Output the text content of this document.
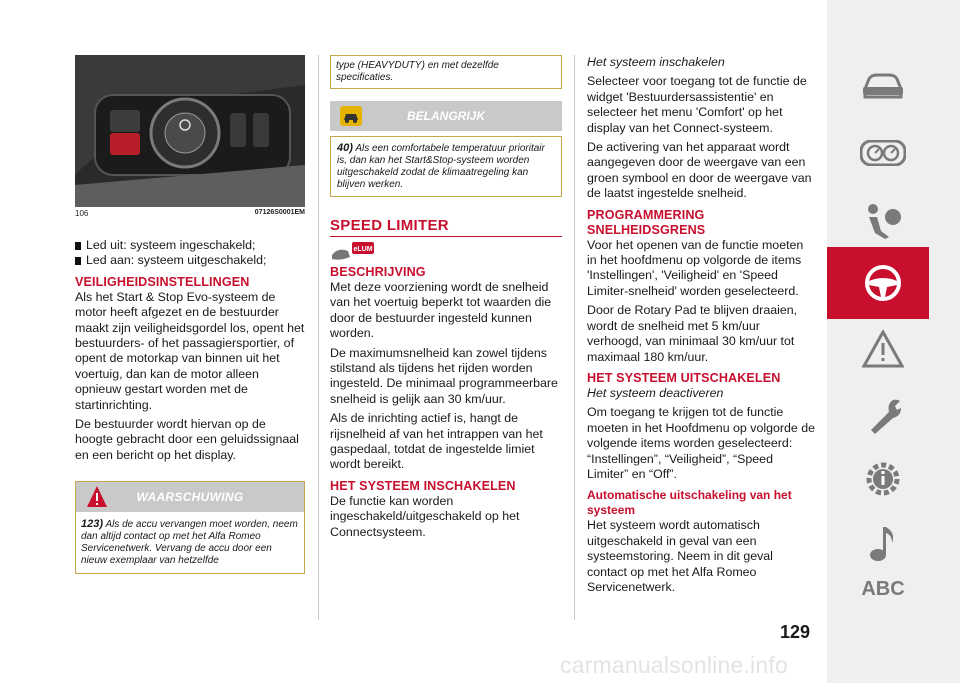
106	07126S0001EM
Led uit: systeem ingeschakeld;
Led aan: systeem uitgeschakeld;
VEILIGHEIDSINSTELLINGEN

Als het Start & Stop Evo-systeem de motor heeft afgezet en de bestuurder maakt zijn veiligheidsgordel los, opent het bestuurders- of het passagiersportier, of opent de motorkap van binnen uit het voertuig, dan kan de motor alleen opnieuw gestart worden met de startinrichting.

De bestuurder wordt hiervan op de hoogte gebracht door een geluidssignaal en een bericht op het display.

WAARSCHUWING
123) Als de accu vervangen moet worden, neem dan altijd contact op met het Alfa Romeo Servicenetwerk. Vervang de accu door een nieuw exemplaar van hetzelfde
type (HEAVYDUTY) en met dezelfde specificaties.
BELANGRIJK
40) Als een comfortabele temperatuur prioritair is, dan kan het Start&Stop-systeem worden uitgeschakeld zodat de klimaatregeling kan blijven werken.
SPEED LIMITER
eLUM
BESCHRIJVING

Met deze voorziening wordt de snelheid van het voertuig beperkt tot waarden die door de bestuurder ingesteld kunnen worden.

De maximumsnelheid kan zowel tijdens stilstand als tijdens het rijden worden ingesteld. De minimaal programmeerbare snelheid is gelijk aan 30 km/uur.

Als de inrichting actief is, hangt de rijsnelheid af van het intrappen van het gaspedaal, totdat de ingestelde limiet wordt bereikt.

HET SYSTEEM INSCHAKELEN

De functie kan worden ingeschakeld/uitgeschakeld op het Connectsysteem.

Het systeem inschakelen

Selecteer voor toegang tot de functie de widget 'Bestuurdersassistentie' en selecteer het menu 'Comfort' op het display van het Connect-systeem.

De activering van het apparaat wordt aangegeven door de weergave van een groen symbool en door de weergave van de laatst ingestelde snelheid.

PROGRAMMERING SNELHEIDSGRENS

Voor het openen van de functie moeten in het hoofdmenu op volgorde de items 'Instellingen', 'Veiligheid' en 'Speed Limiter-snelheid' worden geselecteerd.

Door de Rotary Pad te blijven draaien, wordt de snelheid met 5 km/uur verhoogd, van minimaal 30 km/uur tot maximaal 180 km/uur.

HET SYSTEEM UITSCHAKELEN

Het systeem deactiveren

Om toegang te krijgen tot de functie moeten in het Hoofdmenu op volgorde de volgende items worden geselecteerd: “Instellingen”, “Veiligheid”, “Speed Limiter” en “Off”.

Automatische uitschakeling van het systeem

Het systeem wordt automatisch uitgeschakeld in geval van een systeemstoring. Neem in dit geval contact op met het Alfa Romeo Servicenetwerk.

129
ABC
carmanualsonline.info
